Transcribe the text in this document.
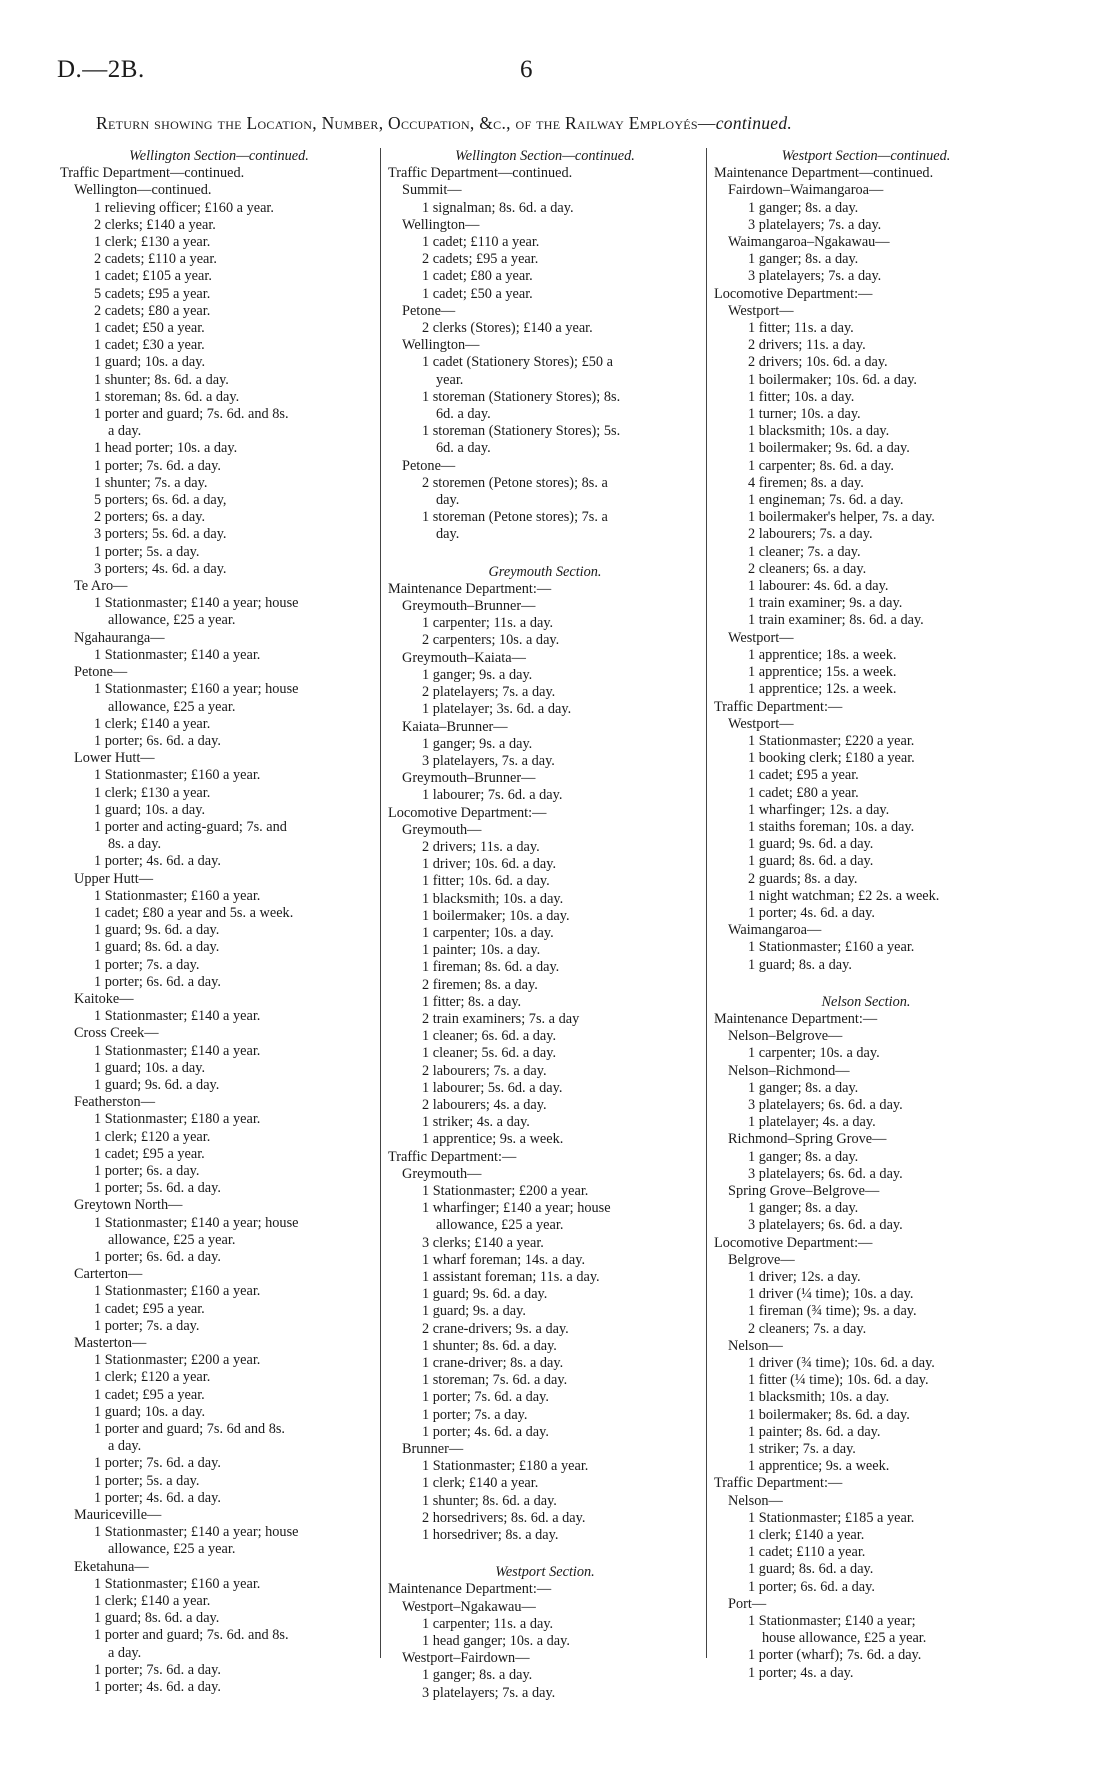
D.—2B.	6
Return showing the Location, Number, Occupation, &c., of the Railway Employés—continued.
Wellington Section—continued.
Traffic Department—continued.
Wellington—continued.
1 relieving officer; £160 a year.
2 clerks; £140 a year.
1 clerk; £130 a year.
2 cadets; £110 a year.
1 cadet; £105 a year.
5 cadets; £95 a year.
2 cadets; £80 a year.
1 cadet; £50 a year.
1 cadet; £30 a year.
1 guard; 10s. a day.
1 shunter; 8s. 6d. a day.
1 storeman; 8s. 6d. a day.
1 porter and guard; 7s. 6d. and 8s.
a day.
1 head porter; 10s. a day.
1 porter; 7s. 6d. a day.
1 shunter; 7s. a day.
5 porters; 6s. 6d. a day,
2 porters; 6s. a day.
3 porters; 5s. 6d. a day.
1 porter; 5s. a day.
3 porters; 4s. 6d. a day.
Te Aro—
1 Stationmaster; £140 a year; house
allowance, £25 a year.
Ngahauranga—
1 Stationmaster; £140 a year.
Petone—
1 Stationmaster; £160 a year; house
allowance, £25 a year.
1 clerk; £140 a year.
1 porter; 6s. 6d. a day.
Lower Hutt—
1 Stationmaster; £160 a year.
1 clerk; £130 a year.
1 guard; 10s. a day.
1 porter and acting-guard; 7s. and
8s. a day.
1 porter; 4s. 6d. a day.
Upper Hutt—
1 Stationmaster; £160 a year.
1 cadet; £80 a year and 5s. a week.
1 guard; 9s. 6d. a day.
1 guard; 8s. 6d. a day.
1 porter; 7s. a day.
1 porter; 6s. 6d. a day.
Kaitoke—
1 Stationmaster; £140 a year.
Cross Creek—
1 Stationmaster; £140 a year.
1 guard; 10s. a day.
1 guard; 9s. 6d. a day.
Featherston—
1 Stationmaster; £180 a year.
1 clerk; £120 a year.
1 cadet; £95 a year.
1 porter; 6s. a day.
1 porter; 5s. 6d. a day.
Greytown North—
1 Stationmaster; £140 a year; house
allowance, £25 a year.
1 porter; 6s. 6d. a day.
Carterton—
1 Stationmaster; £160 a year.
1 cadet; £95 a year.
1 porter; 7s. a day.
Masterton—
1 Stationmaster; £200 a year.
1 clerk; £120 a year.
1 cadet; £95 a year.
1 guard; 10s. a day.
1 porter and guard; 7s. 6d and 8s.
a day.
1 porter; 7s. 6d. a day.
1 porter; 5s. a day.
1 porter; 4s. 6d. a day.
Mauriceville—
1 Stationmaster; £140 a year; house
allowance, £25 a year.
Eketahuna—
1 Stationmaster; £160 a year.
1 clerk; £140 a year.
1 guard; 8s. 6d. a day.
1 porter and guard; 7s. 6d. and 8s.
a day.
1 porter; 7s. 6d. a day.
1 porter; 4s. 6d. a day.
Wellington Section—continued.
Traffic Department—continued.
Summit—
1 signalman; 8s. 6d. a day.
Wellington—
1 cadet; £110 a year.
2 cadets; £95 a year.
1 cadet; £80 a year.
1 cadet; £50 a year.
Petone—
2 clerks (Stores); £140 a year.
Wellington—
1 cadet (Stationery Stores); £50 a
year.
1 storeman (Stationery Stores); 8s.
6d. a day.
1 storeman (Stationery Stores); 5s.
6d. a day.
Petone—
2 storemen (Petone stores); 8s. a
day.
1 storeman (Petone stores); 7s. a
day.
Greymouth Section.
Maintenance Department:—
Greymouth–Brunner—
1 carpenter; 11s. a day.
2 carpenters; 10s. a day.
Greymouth–Kaiata—
1 ganger; 9s. a day.
2 platelayers; 7s. a day.
1 platelayer; 3s. 6d. a day.
Kaiata–Brunner—
1 ganger; 9s. a day.
3 platelayers, 7s. a day.
Greymouth–Brunner—
1 labourer; 7s. 6d. a day.
Locomotive Department:—
Greymouth—
2 drivers; 11s. a day.
1 driver; 10s. 6d. a day.
1 fitter; 10s. 6d. a day.
1 blacksmith; 10s. a day.
1 boilermaker; 10s. a day.
1 carpenter; 10s. a day.
1 painter; 10s. a day.
1 fireman; 8s. 6d. a day.
2 firemen; 8s. a day.
1 fitter; 8s. a day.
2 train examiners; 7s. a day
1 cleaner; 6s. 6d. a day.
1 cleaner; 5s. 6d. a day.
2 labourers; 7s. a day.
1 labourer; 5s. 6d. a day.
2 labourers; 4s. a day.
1 striker; 4s. a day.
1 apprentice; 9s. a week.
Traffic Department:—
Greymouth—
1 Stationmaster; £200 a year.
1 wharfinger; £140 a year; house
allowance, £25 a year.
3 clerks; £140 a year.
1 wharf foreman; 14s. a day.
1 assistant foreman; 11s. a day.
1 guard; 9s. 6d. a day.
1 guard; 9s. a day.
2 crane-drivers; 9s. a day.
1 shunter; 8s. 6d. a day.
1 crane-driver; 8s. a day.
1 storeman; 7s. 6d. a day.
1 porter; 7s. 6d. a day.
1 porter; 7s. a day.
1 porter; 4s. 6d. a day.
Brunner—
1 Stationmaster; £180 a year.
1 clerk; £140 a year.
1 shunter; 8s. 6d. a day.
2 horsedrivers; 8s. 6d. a day.
1 horsedriver; 8s. a day.
Westport Section.
Maintenance Department:—
Westport–Ngakawau—
1 carpenter; 11s. a day.
1 head ganger; 10s. a day.
Westport–Fairdown—
1 ganger; 8s. a day.
3 platelayers; 7s. a day.
Westport Section—continued.
Maintenance Department—continued.
Fairdown–Waimangaroa—
1 ganger; 8s. a day.
3 platelayers; 7s. a day.
Waimangaroa–Ngakawau—
1 ganger; 8s. a day.
3 platelayers; 7s. a day.
Locomotive Department:—
Westport—
1 fitter; 11s. a day.
2 drivers; 11s. a day.
2 drivers; 10s. 6d. a day.
1 boilermaker; 10s. 6d. a day.
1 fitter; 10s. a day.
1 turner; 10s. a day.
1 blacksmith; 10s. a day.
1 boilermaker; 9s. 6d. a day.
1 carpenter; 8s. 6d. a day.
4 firemen; 8s. a day.
1 engineman; 7s. 6d. a day.
1 boilermaker's helper, 7s. a day.
2 labourers; 7s. a day.
1 cleaner; 7s. a day.
2 cleaners; 6s. a day.
1 labourer: 4s. 6d. a day.
1 train examiner; 9s. a day.
1 train examiner; 8s. 6d. a day.
Westport—
1 apprentice; 18s. a week.
1 apprentice; 15s. a week.
1 apprentice; 12s. a week.
Traffic Department:—
Westport—
1 Stationmaster; £220 a year.
1 booking clerk; £180 a year.
1 cadet; £95 a year.
1 cadet; £80 a year.
1 wharfinger; 12s. a day.
1 staiths foreman; 10s. a day.
1 guard; 9s. 6d. a day.
1 guard; 8s. 6d. a day.
2 guards; 8s. a day.
1 night watchman; £2 2s. a week.
1 porter; 4s. 6d. a day.
Waimangaroa—
1 Stationmaster; £160 a year.
1 guard; 8s. a day.
Nelson Section.
Maintenance Department:—
Nelson–Belgrove—
1 carpenter; 10s. a day.
Nelson–Richmond—
1 ganger; 8s. a day.
3 platelayers; 6s. 6d. a day.
1 platelayer; 4s. a day.
Richmond–Spring Grove—
1 ganger; 8s. a day.
3 platelayers; 6s. 6d. a day.
Spring Grove–Belgrove—
1 ganger; 8s. a day.
3 platelayers; 6s. 6d. a day.
Locomotive Department:—
Belgrove—
1 driver; 12s. a day.
1 driver (¼ time); 10s. a day.
1 fireman (¾ time); 9s. a day.
2 cleaners; 7s. a day.
Nelson—
1 driver (¾ time); 10s. 6d. a day.
1 fitter (¼ time); 10s. 6d. a day.
1 blacksmith; 10s. a day.
1 boilermaker; 8s. 6d. a day.
1 painter; 8s. 6d. a day.
1 striker; 7s. a day.
1 apprentice; 9s. a week.
Traffic Department:—
Nelson—
1 Stationmaster; £185 a year.
1 clerk; £140 a year.
1 cadet; £110 a year.
1 guard; 8s. 6d. a day.
1 porter; 6s. 6d. a day.
Port—
1 Stationmaster; £140 a year;
house allowance, £25 a year.
1 porter (wharf); 7s. 6d. a day.
1 porter; 4s. a day.
